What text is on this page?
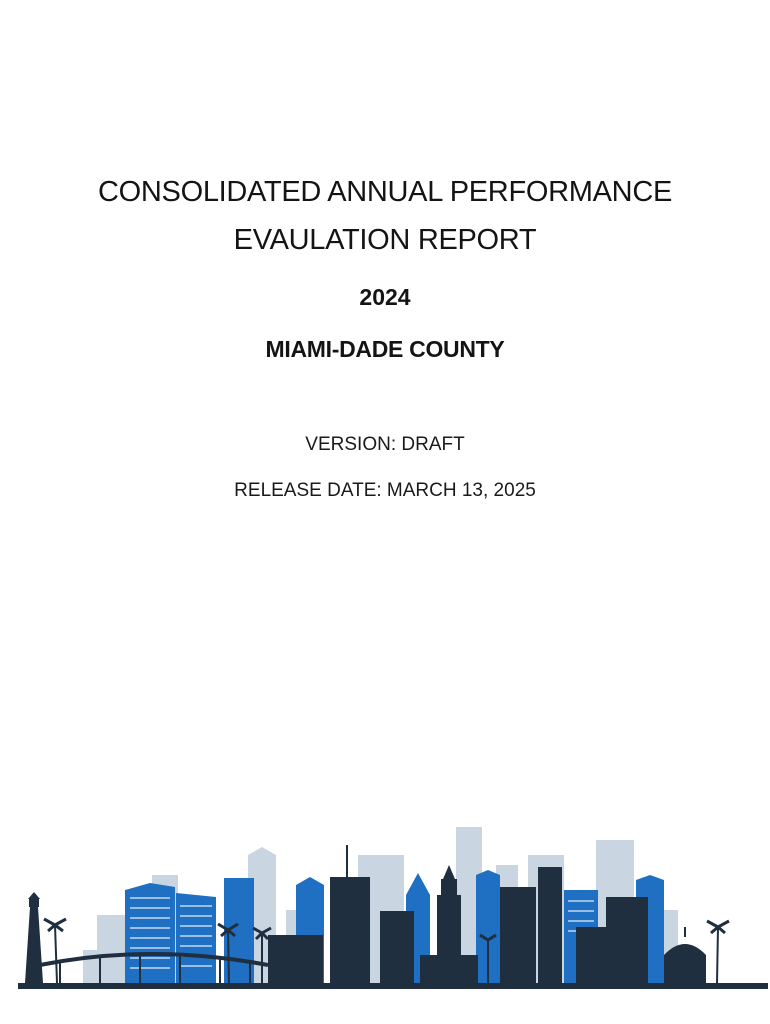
CONSOLIDATED ANNUAL PERFORMANCE
EVAULATION REPORT
2024
MIAMI-DADE COUNTY
VERSION: DRAFT
RELEASE DATE: MARCH 13, 2025
